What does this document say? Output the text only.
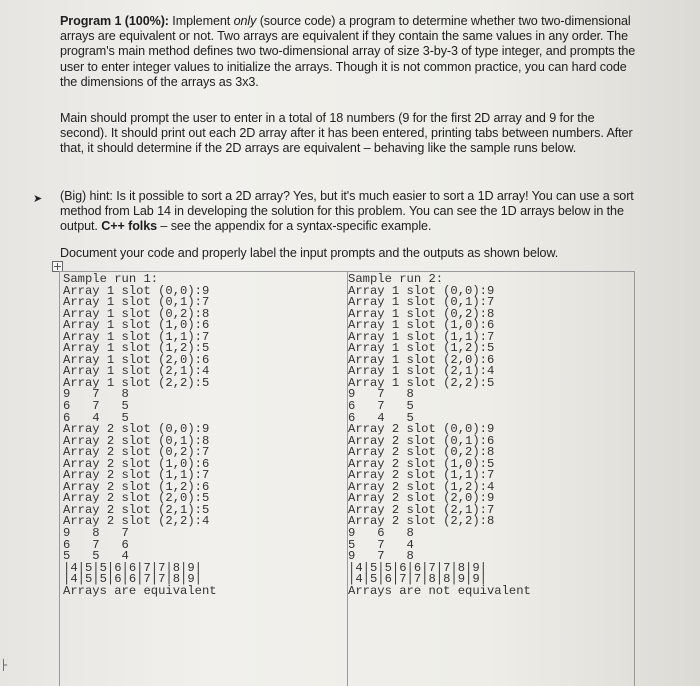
Program 1 (100%): Implement only (source code) a program to determine whether two two-dimensional arrays are equivalent or not. Two arrays are equivalent if they contain the same values in any order. The program's main method defines two two-dimensional array of size 3-by-3 of type integer, and prompts the user to enter integer values to initialize the arrays. Though it is not common practice, you can hard code the dimensions of the arrays as 3x3.
Main should prompt the user to enter in a total of 18 numbers (9 for the first 2D array and 9 for the second). It should print out each 2D array after it has been entered, printing tabs between numbers. After that, it should determine if the 2D arrays are equivalent – behaving like the sample runs below.
➤ (Big) hint: Is it possible to sort a 2D array? Yes, but it's much easier to sort a 1D array! You can use a sort method from Lab 14 in developing the solution for this problem. You can see the 1D arrays below in the output. C++ folks – see the appendix for a syntax-specific example.
Document your code and properly label the input prompts and the outputs as shown below.
Sample run 1:
Array 1 slot (0,0):9
Array 1 slot (0,1):7
Array 1 slot (0,2):8
Array 1 slot (1,0):6
Array 1 slot (1,1):7
Array 1 slot (1,2):5
Array 1 slot (2,0):6
Array 1 slot (2,1):4
Array 1 slot (2,2):5
9   7   8
6   7   5
6   4   5
Array 2 slot (0,0):9
Array 2 slot (0,1):8
Array 2 slot (0,2):7
Array 2 slot (1,0):6
Array 2 slot (1,1):7
Array 2 slot (1,2):6
Array 2 slot (2,0):5
Array 2 slot (2,1):5
Array 2 slot (2,2):4
9   8   7
6   7   6
5   5   4
|4|5|5|6|6|7|7|8|9|
|4|5|5|6|6|7|7|8|9|
Arrays are equivalent
Sample run 2:
Array 1 slot (0,0):9
Array 1 slot (0,1):7
Array 1 slot (0,2):8
Array 1 slot (1,0):6
Array 1 slot (1,1):7
Array 1 slot (1,2):5
Array 1 slot (2,0):6
Array 1 slot (2,1):4
Array 1 slot (2,2):5
9   7   8
6   7   5
6   4   5
Array 2 slot (0,0):9
Array 2 slot (0,1):6
Array 2 slot (0,2):8
Array 2 slot (1,0):5
Array 2 slot (1,1):7
Array 2 slot (1,2):4
Array 2 slot (2,0):9
Array 2 slot (2,1):7
Array 2 slot (2,2):8
9   6   8
5   7   4
9   7   8
|4|5|5|6|6|7|7|8|9|
|4|5|6|7|7|8|8|9|9|
Arrays are not equivalent
├
